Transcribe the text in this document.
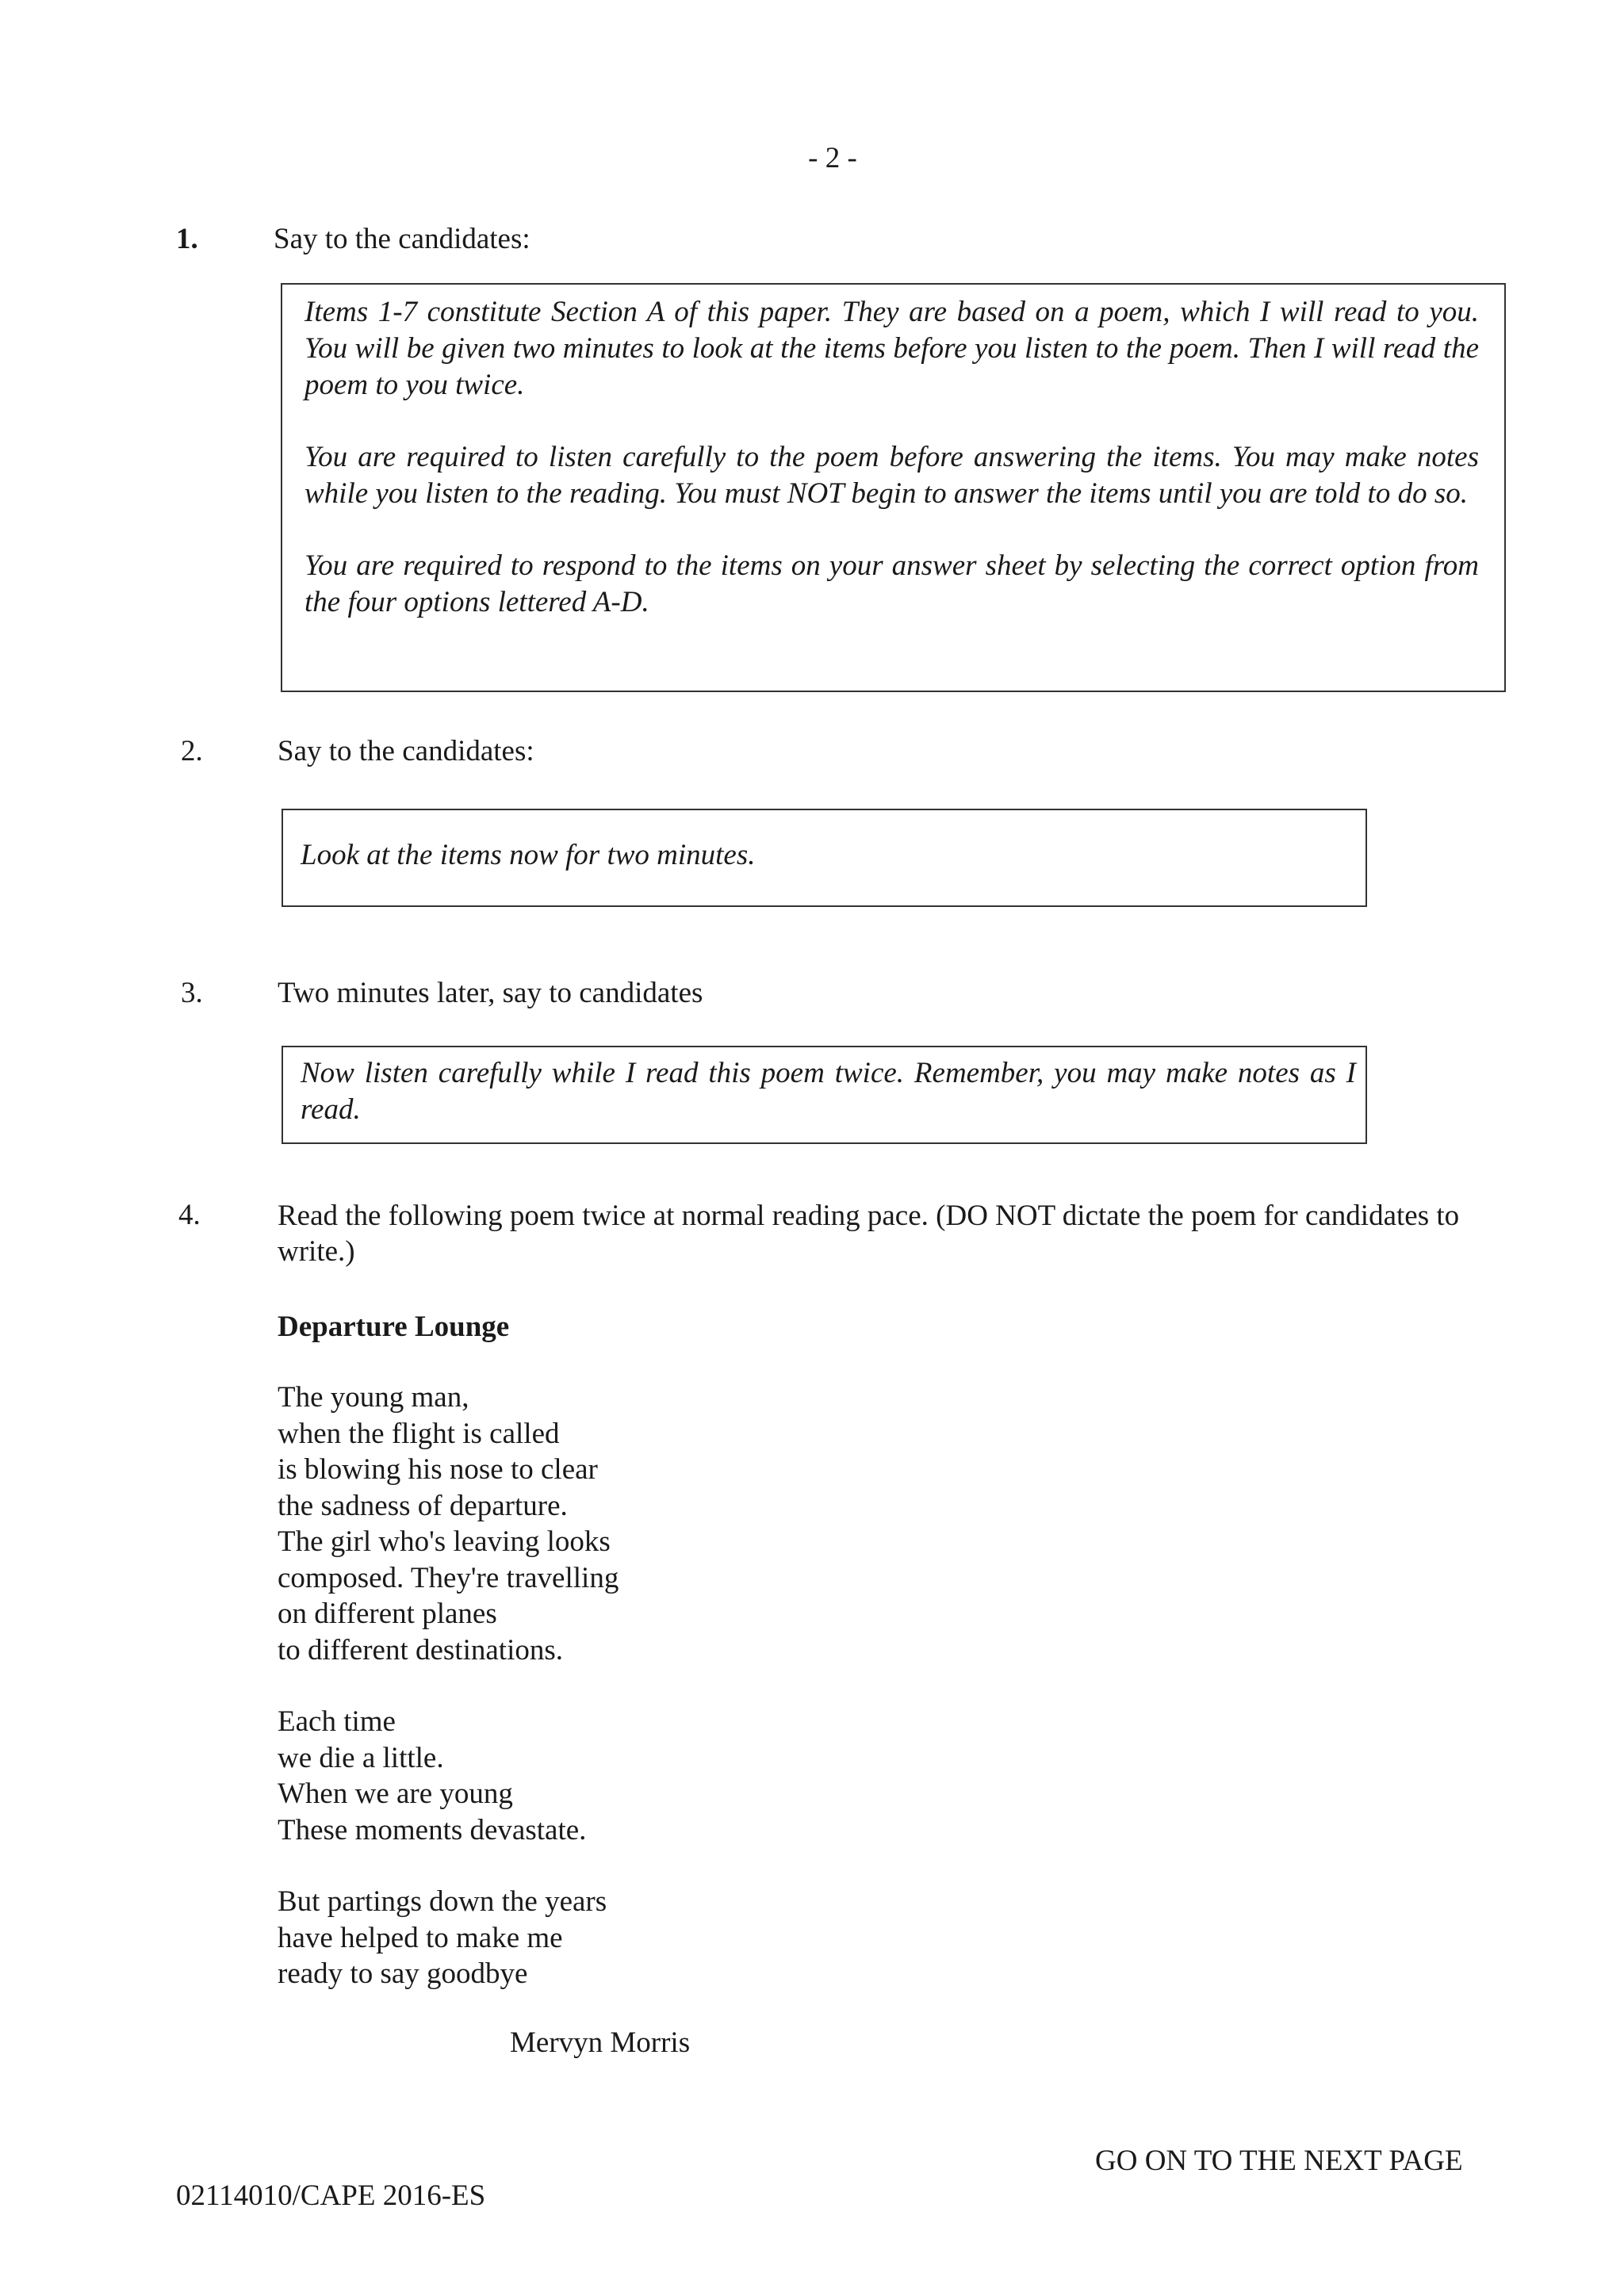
- 2 -
1.	Say to the candidates:

Items 1-7 constitute Section A of this paper. They are based on a poem, which I will read to you. You will be given two minutes to look at the items before you listen to the poem. Then I will read the poem to you twice.

You are required to listen carefully to the poem before answering the items. You may make notes while you listen to the reading. You must NOT begin to answer the items until you are told to do so.

You are required to respond to the items on your answer sheet by selecting the correct option from the four options lettered A-D.

2.	Say to the candidates:

Look at the items now for two minutes.

3.	Two minutes later, say to candidates

Now listen carefully while I read this poem twice. Remember, you may make notes as I read.

4.	Read the following poem twice at normal reading pace. (DO NOT dictate the poem for candidates to write.)
Departure Lounge
The young man,
when the flight is called
is blowing his nose to clear
the sadness of departure.
The girl who's leaving looks
composed. They're travelling
on different planes
to different destinations.
Each time
we die a little.
When we are young
These moments devastate.
But partings down the years
have helped to make me
ready to say goodbye
Mervyn Morris
GO ON TO THE NEXT PAGE
02114010/CAPE 2016-ES
